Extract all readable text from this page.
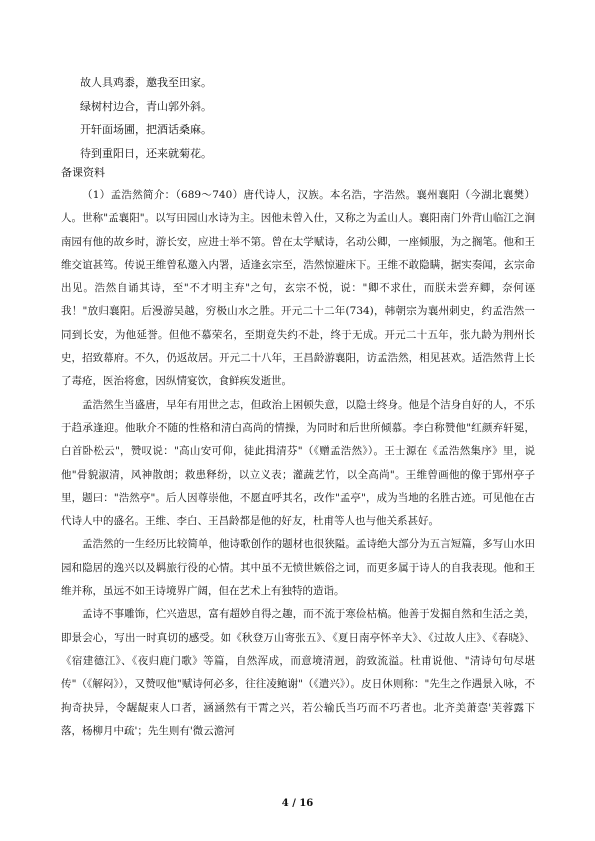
故人具鸡黍，邀我至田家。
绿树村边合，青山郭外斜。
开轩面场圃，把酒话桑麻。
待到重阳日，还来就菊花。
备课资料

（1）孟浩然简介：（689～740）唐代诗人，汉族。本名浩，字浩然。襄州襄阳（今湖北襄樊）人。世称"孟襄阳"。以写田园山水诗为主。因他未曾入仕，又称之为孟山人。襄阳南门外背山临江之涧南园有他的故乡时，游长安，应进士举不第。曾在太学赋诗，名动公卿，一座倾服，为之搁笔。他和王维交谊甚笃。传说王维曾私邀入内署，适逢玄宗至，浩然惊避床下。王维不敢隐瞒，据实奏闻，玄宗命出见。浩然自诵其诗，至"不才明主弃"之句，玄宗不悦，说："卿不求仕，而朕未尝弃卿，奈何诬我！"放归襄阳。后漫游吴越，穷极山水之胜。开元二十二年(734)，韩朝宗为襄州刺史，约孟浩然一同到长安，为他延誉。但他不慕荣名，至期竟失约不赴，终于无成。开元二十五年，张九龄为荆州长史，招致幕府。不久，仍返故居。开元二十八年，王昌龄游襄阳，访孟浩然，相见甚欢。适浩然背上长了毒疮，医治将愈，因纵情宴饮，食鲜疾发逝世。

孟浩然生当盛唐，早年有用世之志，但政治上困顿失意，以隐士终身。他是个洁身自好的人，不乐于趋承逢迎。他耿介不随的性格和清白高尚的情操，为同时和后世所倾慕。李白称赞他"红颜弃轩冕，白首卧松云"，赞叹说："高山安可仰，徒此揖清芬"（《赠孟浩然》）。王士源在《孟浩然集序》里，说他"骨貌淑清，风神散朗；救患释纷，以立义表；灌蔬艺竹，以全高尚"。王维曾画他的像于郢州亭子里，题曰："浩然亭"。后人因尊崇他，不愿直呼其名，改作"孟亭"，成为当地的名胜古迹。可见他在古代诗人中的盛名。王维、李白、王昌龄都是他的好友，杜甫等人也与他关系甚好。

孟浩然的一生经历比较简单，他诗歌创作的题材也很狭隘。孟诗绝大部分为五言短篇，多写山水田园和隐居的逸兴以及羁旅行役的心情。其中虽不无愤世嫉俗之词，而更多属于诗人的自我表现。他和王维并称，虽远不如王诗境界广阔，但在艺术上有独特的造诣。

孟诗不事雕饰，伫兴造思，富有超妙自得之趣，而不流于寒俭枯槁。他善于发掘自然和生活之美，即景会心，写出一时真切的感受。如《秋登万山寄张五》、《夏日南亭怀辛大》、《过故人庄》、《春晓》、《宿建德江》、《夜归鹿门歌》等篇，自然浑成，而意境清迥，韵致流溢。杜甫说他、"清诗句句尽堪传"（《解闷》），又赞叹他"赋诗何必多，往往凌鲍谢"（《遣兴》）。皮日休则称："先生之作遇景入咏，不拘奇抉异，令龌龊束人口者，涵涵然有干霄之兴，若公输氏当巧而不巧者也。北齐美萧悫'芙蓉露下落，杨柳月中疏'；先生则有'微云澹河

4 / 16
